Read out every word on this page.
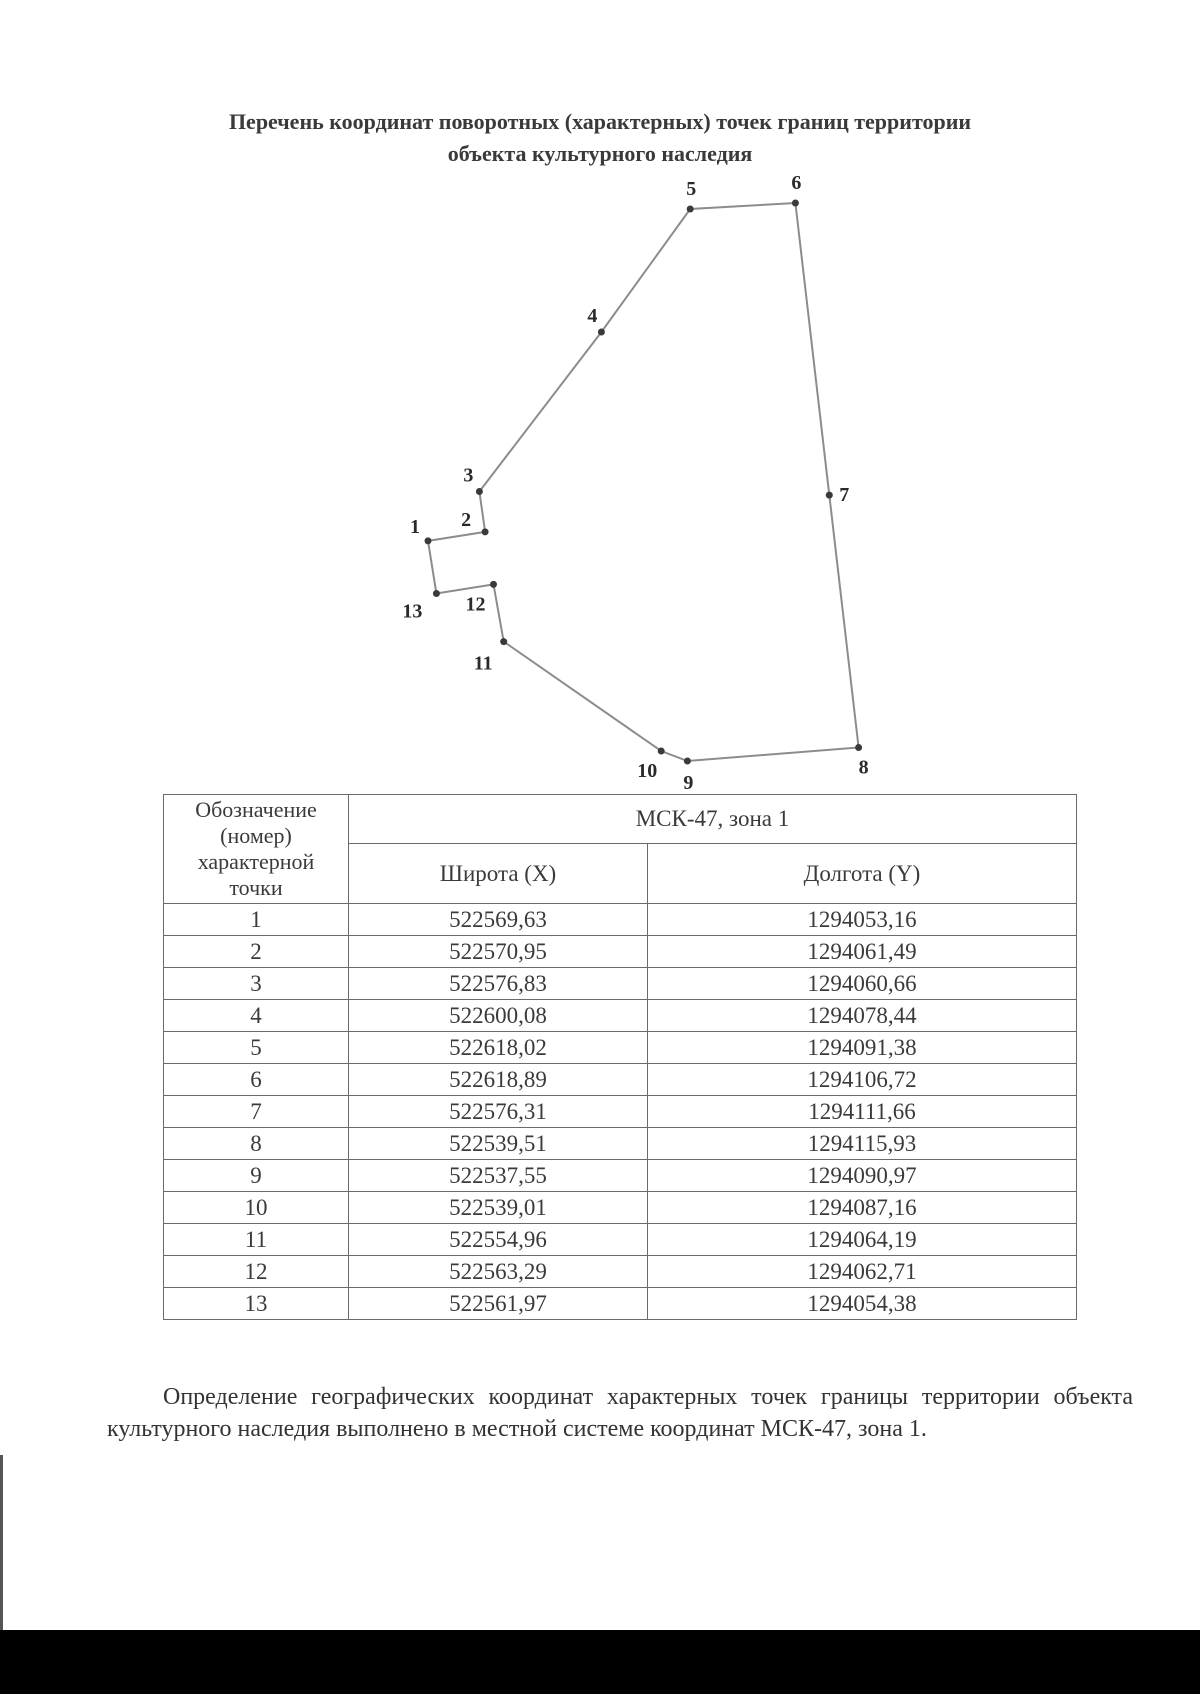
Перечень координат поворотных (характерных) точек границ территории
объекта культурного наследия
1 2
3
4
5	6
7
8
9
10
11
12
13
Обозначение
(номер)
характерной
точки	МСК-47, зона 1	
	Широта (X)	Долгота (Y)
1	522569,63	1294053,16
2	522570,95	1294061,49
3	522576,83	1294060,66
4	522600,08	1294078,44
5	522618,02	1294091,38
6	522618,89	1294106,72
7	522576,31	1294111,66
8	522539,51	1294115,93
9	522537,55	1294090,97
10	522539,01	1294087,16
11	522554,96	1294064,19
12	522563,29	1294062,71
13	522561,97	1294054,38

Определение географических координат характерных точек границы территории объекта культурного наследия выполнено в местной системе координат МСК-47, зона 1.
